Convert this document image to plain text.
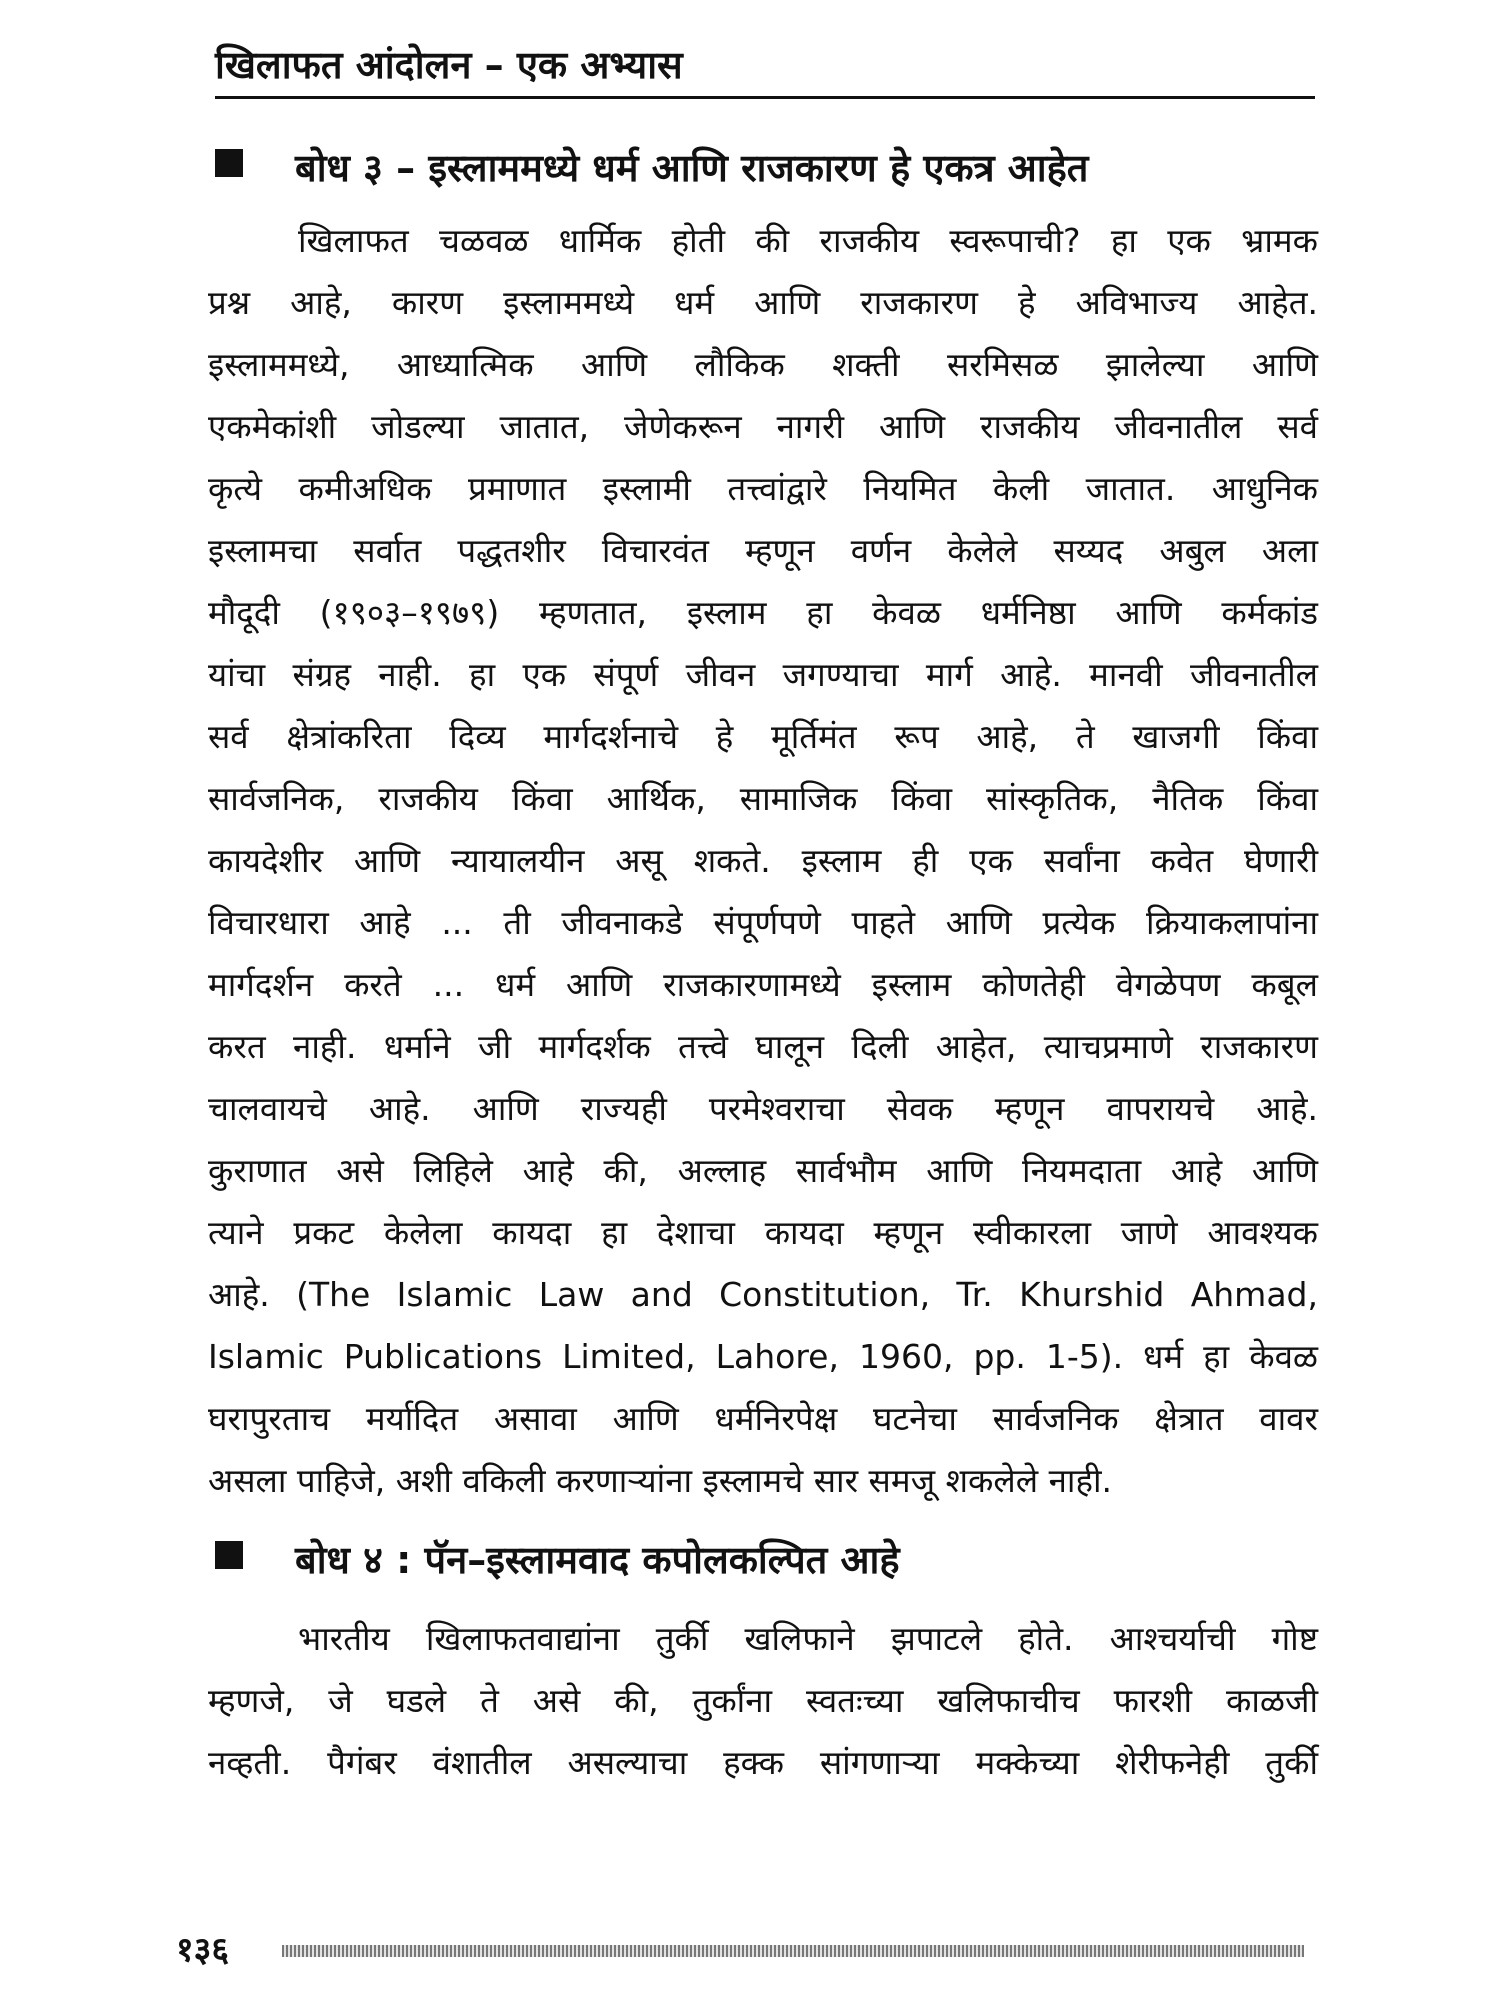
खिलाफत आंदोलन – एक अभ्यास
बोध ३ – इस्लाममध्ये धर्म आणि राजकारण हे एकत्र आहेत
खिलाफत चळवळ धार्मिक होती की राजकीय स्वरूपाची? हा एक भ्रामक
प्रश्न आहे, कारण इस्लाममध्ये धर्म आणि राजकारण हे अविभाज्य आहेत.
इस्लाममध्ये, आध्यात्मिक आणि लौकिक शक्ती सरमिसळ झालेल्या आणि
एकमेकांशी जोडल्या जातात, जेणेकरून नागरी आणि राजकीय जीवनातील सर्व
कृत्ये कमीअधिक प्रमाणात इस्लामी तत्त्वांद्वारे नियमित केली जातात. आधुनिक
इस्लामचा सर्वात पद्धतशीर विचारवंत म्हणून वर्णन केलेले सय्यद अबुल अला
मौदूदी (१९०३–१९७९) म्हणतात, इस्लाम हा केवळ धर्मनिष्ठा आणि कर्मकांड
यांचा संग्रह नाही. हा एक संपूर्ण जीवन जगण्याचा मार्ग आहे. मानवी जीवनातील
सर्व क्षेत्रांकरिता दिव्य मार्गदर्शनाचे हे मूर्तिमंत रूप आहे, ते खाजगी किंवा
सार्वजनिक, राजकीय किंवा आर्थिक, सामाजिक किंवा सांस्कृतिक, नैतिक किंवा
कायदेशीर आणि न्यायालयीन असू शकते. इस्लाम ही एक सर्वांना कवेत घेणारी
विचारधारा आहे ... ती जीवनाकडे संपूर्णपणे पाहते आणि प्रत्येक क्रियाकलापांना
मार्गदर्शन करते ... धर्म आणि राजकारणामध्ये इस्लाम कोणतेही वेगळेपण कबूल
करत नाही. धर्माने जी मार्गदर्शक तत्त्वे घालून दिली आहेत, त्याचप्रमाणे राजकारण
चालवायचे आहे. आणि राज्यही परमेश्वराचा सेवक म्हणून वापरायचे आहे.
कुराणात असे लिहिले आहे की, अल्लाह सार्वभौम आणि नियमदाता आहे आणि
त्याने प्रकट केलेला कायदा हा देशाचा कायदा म्हणून स्वीकारला जाणे आवश्यक
आहे. (The Islamic Law and Constitution, Tr. Khurshid Ahmad,
Islamic Publications Limited, Lahore, 1960, pp. 1-5). धर्म हा केवळ
घरापुरताच मर्यादित असावा आणि धर्मनिरपेक्ष घटनेचा सार्वजनिक क्षेत्रात वावर
असला पाहिजे, अशी वकिली करणाऱ्यांना इस्लामचे सार समजू शकलेले नाही.
बोध ४ : पॅन–इस्लामवाद कपोलकल्पित आहे
भारतीय खिलाफतवाद्यांना तुर्की खलिफाने झपाटले होते. आश्चर्याची गोष्ट
म्हणजे, जे घडले ते असे की, तुर्कांना स्वतःच्या खलिफाचीच फारशी काळजी
नव्हती. पैगंबर वंशातील असल्याचा हक्क सांगणाऱ्या मक्केच्या शेरीफनेही तुर्की
१३६
